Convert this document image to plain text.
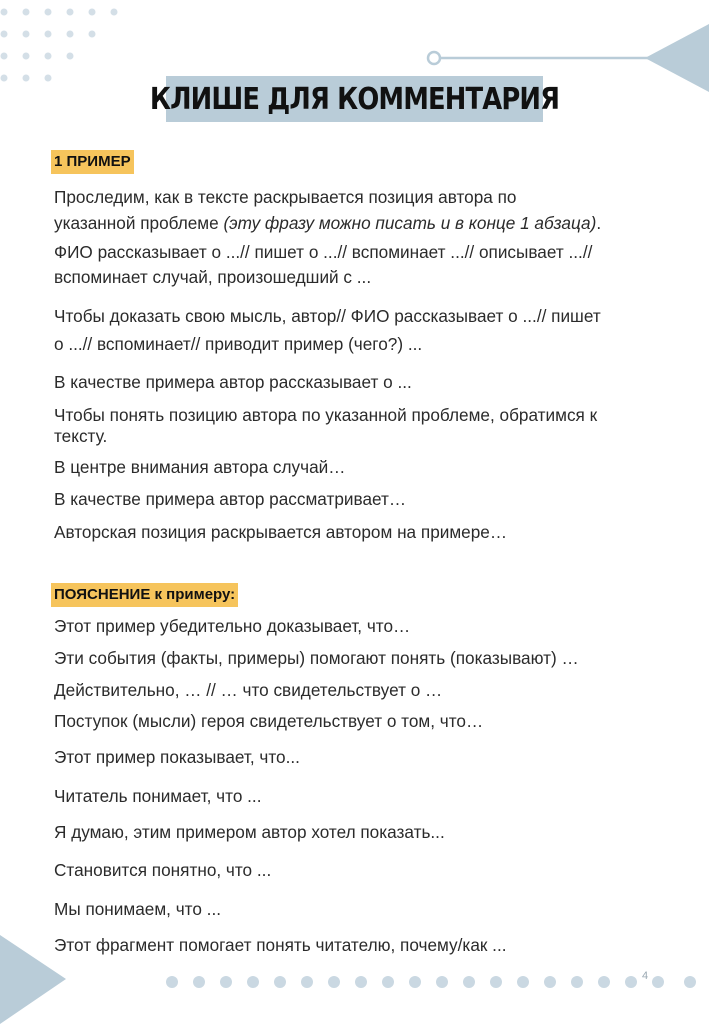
КЛИШЕ ДЛЯ КОММЕНТАРИЯ
1 ПРИМЕР
Проследим, как в тексте раскрывается позиция автора по
указанной проблеме (эту фразу можно писать и в конце 1 абзаца).
ФИО рассказывает о ...// пишет о ...// вспоминает ...// описывает ...//
вспоминает случай, произошедший с ...
Чтобы доказать свою мысль, автор// ФИО рассказывает о ...// пишет
о ...// вспоминает// приводит пример (чего?) ...
В качестве примера автор рассказывает о ...
Чтобы понять позицию автора по указанной проблеме, обратимся к
тексту.
В центре внимания автора случай…
В качестве примера автор рассматривает…
Авторская позиция раскрывается автором на примере…
ПОЯСНЕНИЕ к примеру:
Этот пример убедительно доказывает, что…
Эти события (факты, примеры) помогают понять (показывают) …
Действительно, … // … что свидетельствует о …
Поступок (мысли) героя свидетельствует о том, что…
Этот пример показывает, что...
Читатель понимает, что ...
Я думаю, этим примером автор хотел показать...
Становится понятно, что ...
Мы понимаем, что ...
Этот фрагмент помогает понять читателю, почему/как ...
4
